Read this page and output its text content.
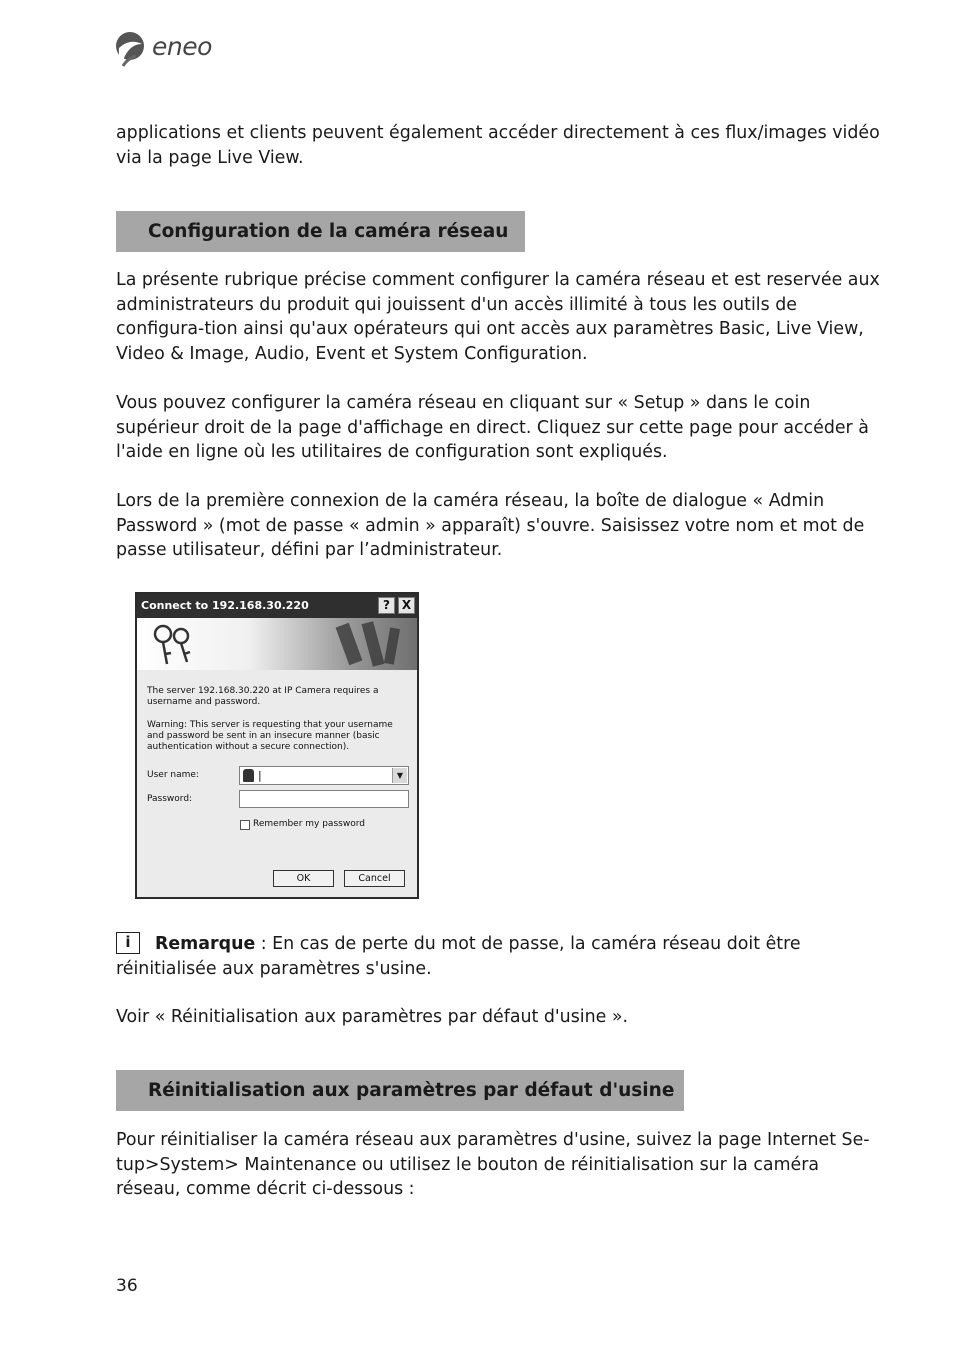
eneo

applications et clients peuvent également accéder directement à ces flux/images vidéo via la page Live View.

Configuration de la caméra réseau

La présente rubrique précise comment configurer la caméra réseau et est reservée aux administrateurs du produit qui jouissent d'un accès illimité à tous les outils de configura-tion ainsi qu'aux opérateurs qui ont accès aux paramètres Basic, Live View, Video & Image, Audio, Event et System Configuration.

Vous pouvez configurer la caméra réseau en cliquant sur « Setup » dans le coin supérieur droit de la page d'affichage en direct. Cliquez sur cette page pour accéder à l'aide en ligne où les utilitaires de configuration sont expliqués.

Lors de la première connexion de la caméra réseau, la boîte de dialogue « Admin Password » (mot de passe « admin » apparaît) s'ouvre. Saisissez votre nom et mot de passe utilisateur, défini par l’administrateur.

Connect to 192.168.30.220	? X
The server 192.168.30.220 at IP Camera requires a username and password.
Warning: This server is requesting that your username and password be sent in an insecure manner (basic authentication without a secure connection).
User name:	|	▼
Password:
Remember my password
OK	Cancel
i	Remarque : En cas de perte du mot de passe, la caméra réseau doit être réinitialisée aux paramètres s'usine.

Voir « Réinitialisation aux paramètres par défaut d'usine ».

Réinitialisation aux paramètres par défaut d'usine

Pour réinitialiser la caméra réseau aux paramètres d'usine, suivez la page Internet Se-tup>System> Maintenance ou utilisez le bouton de réinitialisation sur la caméra réseau, comme décrit ci-dessous :

36
